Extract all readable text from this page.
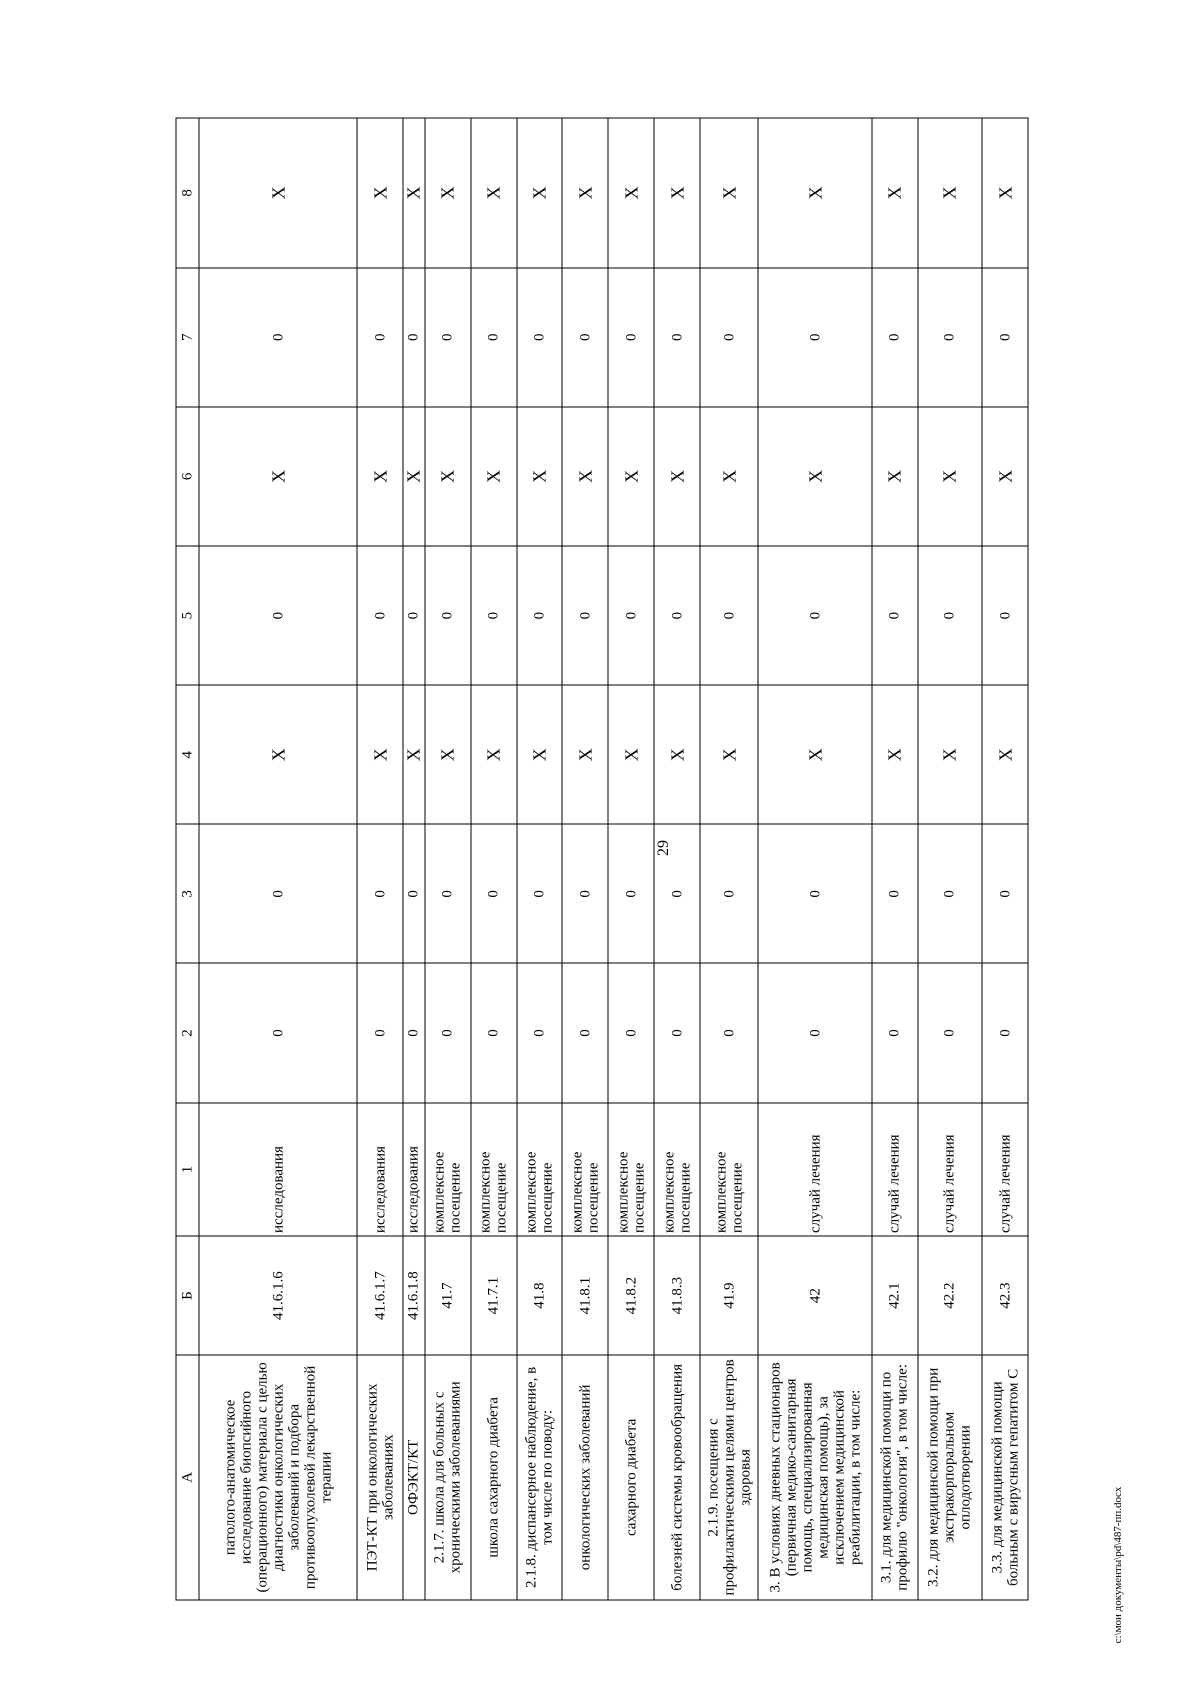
29
А	Б	1	2	3	4	5	6	7	8
патолого-анатомическое исследование биопсийного (операционного) материала с целью диагностики онкологических заболеваний и подбора противоопухолевой лекарственной терапии	41.6.1.6	исследования	0	0	X	0	X	0	X
ПЭТ-КТ при онкологических заболеваниях	41.6.1.7	исследования	0	0	X	0	X	0	X
ОФЭКТ/КТ	41.6.1.8	исследования	0	0	X	0	X	0	X
2.1.7. школа для больных с хроническими заболеваниями	41.7	комплексное посещение	0	0	X	0	X	0	X
школа сахарного диабета	41.7.1	комплексное посещение	0	0	X	0	X	0	X
2.1.8. диспансерное наблюдение, в том числе по поводу:	41.8	комплексное посещение	0	0	X	0	X	0	X
онкологических заболеваний	41.8.1	комплексное посещение	0	0	X	0	X	0	X
сахарного диабета	41.8.2	комплексное посещение	0	0	X	0	X	0	X
болезней системы кровообращения	41.8.3	комплексное посещение	0	0	X	0	X	0	X
2.1.9. посещения с профилактическими целями центров здоровья	41.9	комплексное посещение	0	0	X	0	X	0	X
3. В условиях дневных стационаров (первичная медико-санитарная помощь, специализированная медицинская помощь), за исключением медицинской реабилитации, в том числе:	42	случай лечения	0	0	X	0	X	0	X
3.1. для медицинской помощи по профилю "онкология", в том числе:	42.1	случай лечения	0	0	X	0	X	0	X
3.2. для медицинской помощи при экстракорпоральном оплодотворении	42.2	случай лечения	0	0	X	0	X	0	X
3.3. для медицинской помощи больным с вирусным гепатитом C	42.3	случай лечения	0	0	X	0	X	0	X
c:\мои документы\pd\487-пп.docx
